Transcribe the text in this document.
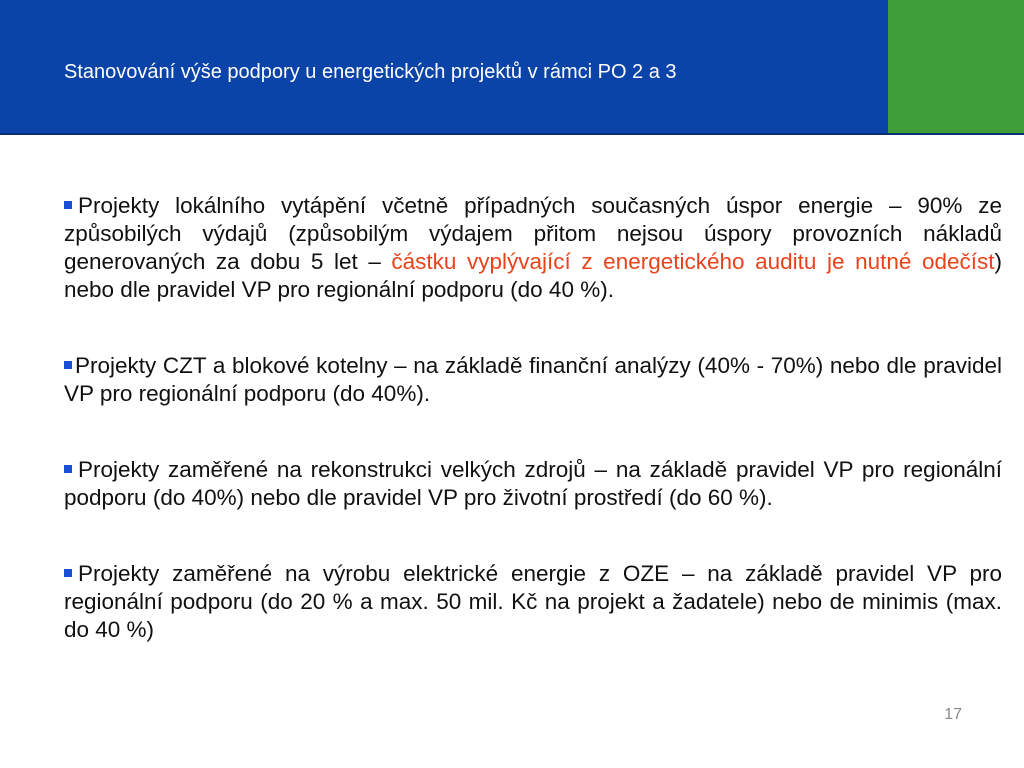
Stanovování výše podpory u energetických projektů v rámci PO 2 a 3

Projekty lokálního vytápění včetně případných současných úspor energie – 90% ze způsobilých výdajů (způsobilým výdajem přitom nejsou úspory provozních nákladů generovaných za dobu 5 let – částku vyplývající z energetického auditu je nutné odečíst) nebo dle pravidel VP pro regionální podporu (do 40 %).

Projekty CZT a blokové kotelny – na základě finanční analýzy (40% - 70%) nebo dle pravidel VP pro regionální podporu (do 40%).

Projekty zaměřené na rekonstrukci velkých zdrojů – na základě pravidel VP pro regionální podporu (do 40%) nebo dle pravidel VP pro životní prostředí (do 60 %).

Projekty zaměřené na výrobu elektrické energie z OZE – na základě pravidel VP pro regionální podporu (do 20 % a max. 50 mil. Kč na projekt a žadatele) nebo de minimis (max. do 40 %)

17
